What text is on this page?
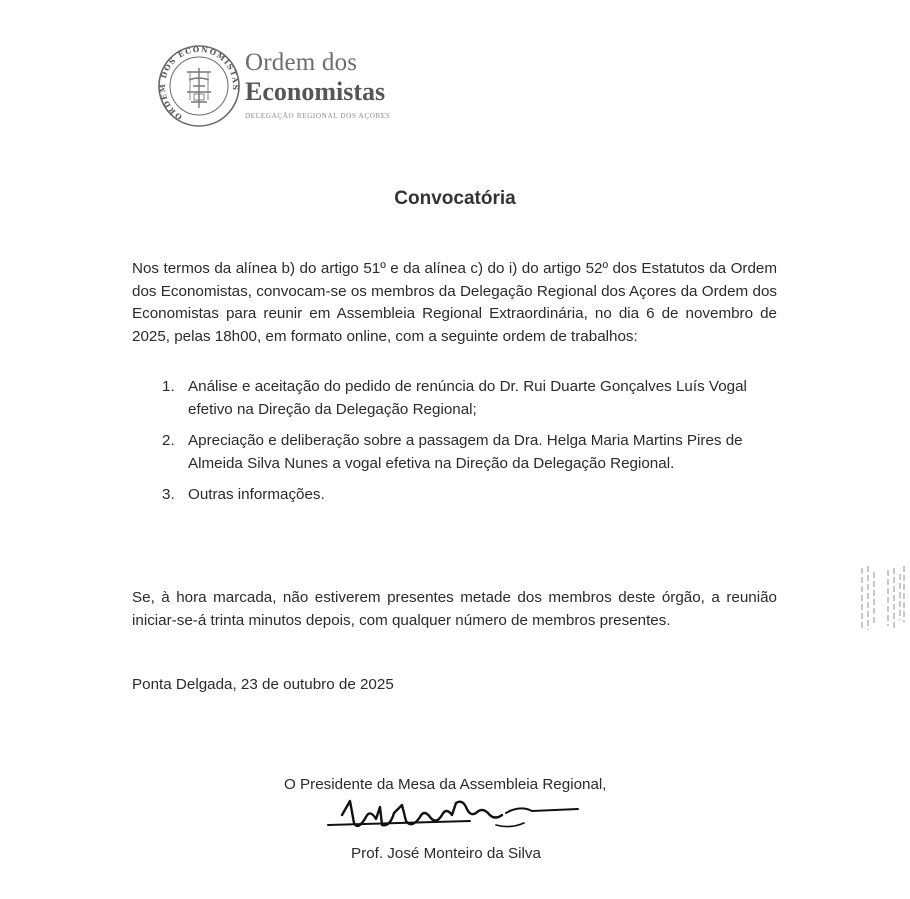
ORDEM DOS ECONOMISTAS
Ordem dos
Economistas
DELEGAÇÃO REGIONAL DOS AÇORES
Convocatória

Nos termos da alínea b) do artigo 51º e da alínea c) do i) do artigo 52º dos Estatutos da Ordem dos Economistas, convocam-se os membros da Delegação Regional dos Açores da Ordem dos Economistas para reunir em Assembleia Regional Extraordinária, no dia 6 de novembro de 2025, pelas 18h00, em formato online, com a seguinte ordem de trabalhos:

1. Análise e aceitação do pedido de renúncia do Dr. Rui Duarte Gonçalves Luís Vogal efetivo na Direção da Delegação Regional;
2. Apreciação e deliberação sobre a passagem da Dra. Helga Maria Martins Pires de Almeida Silva Nunes a vogal efetiva na Direção da Delegação Regional.
3. Outras informações.

Se, à hora marcada, não estiverem presentes metade dos membros deste órgão, a reunião iniciar-se-á trinta minutos depois, com qualquer número de membros presentes.

Ponta Delgada, 23 de outubro de 2025

O Presidente da Mesa da Assembleia Regional,

Prof. José Monteiro da Silva
